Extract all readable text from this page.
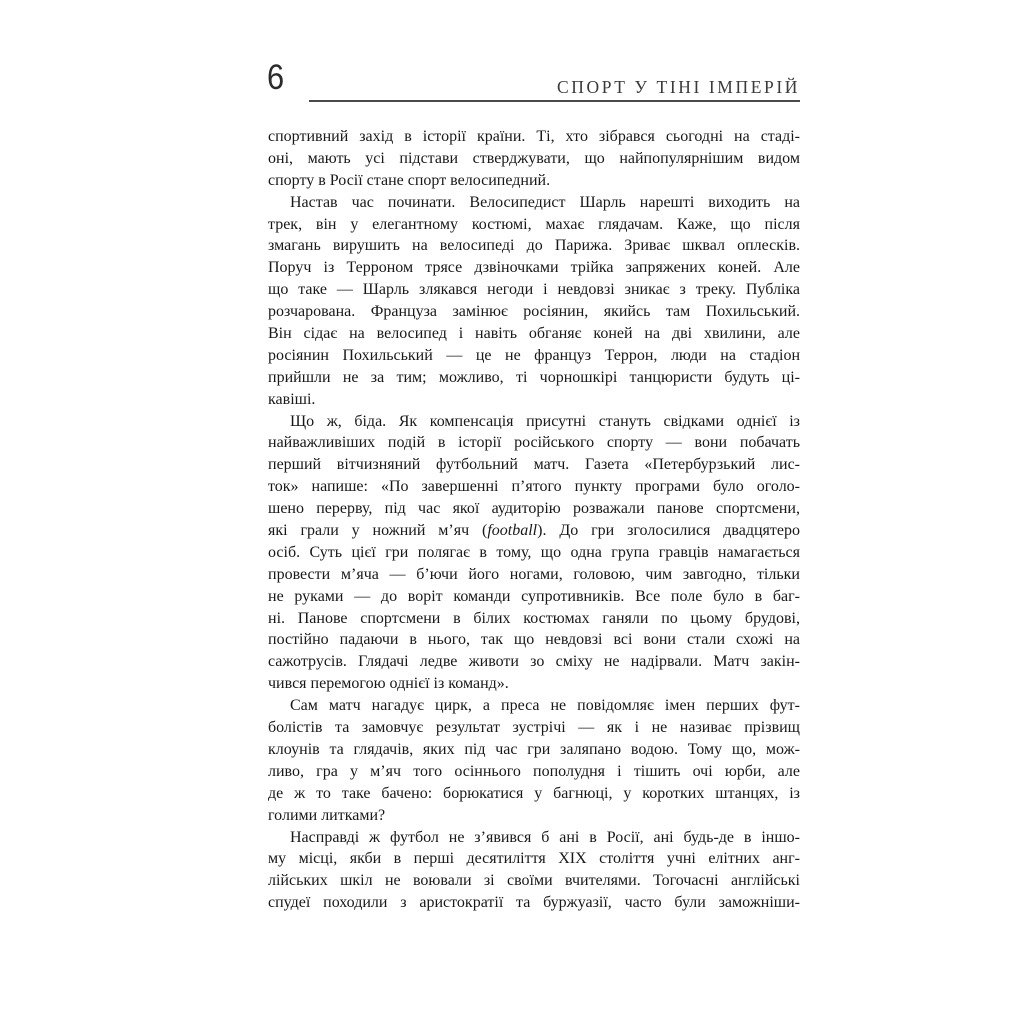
6	СПОРТ У ТІНІ ІМПЕРІЙ
спортивний захід в історії країни. Ті, хто зібрався сьогодні на стаді-
оні, мають усі підстави стверджувати, що найпопулярнішим видом
спорту в Росії стане спорт велосипедний.
Настав час починати. Велосипедист Шарль нарешті виходить на
трек, він у елегантному костюмі, махає глядачам. Каже, що після
змагань вирушить на велосипеді до Парижа. Зриває шквал оплесків.
Поруч із Терроном трясе дзвіночками трійка запряжених коней. Але
що таке — Шарль злякався негоди і невдовзі зникає з треку. Публіка
розчарована. Француза замінює росіянин, якийсь там Похильський.
Він сідає на велосипед і навіть обганяє коней на дві хвилини, але
росіянин Похильський — це не француз Террон, люди на стадіон
прийшли не за тим; можливо, ті чорношкірі танцюристи будуть ці-
кавіші.
Що ж, біда. Як компенсація присутні стануть свідками однієї із
найважливіших подій в історії російського спорту — вони побачать
перший вітчизняний футбольний матч. Газета «Петербурзький лис-
ток» напише: «По завершенні п’ятого пункту програми було оголо-
шено перерву, під час якої аудиторію розважали панове спортсмени,
які грали у ножний м’яч (football). До гри зголосилися двадцятеро
осіб. Суть цієї гри полягає в тому, що одна група гравців намагається
провести м’яча — б’ючи його ногами, головою, чим завгодно, тільки
не руками — до воріт команди супротивників. Все поле було в баг-
ні. Панове спортсмени в білих костюмах ганяли по цьому брудові,
постійно падаючи в нього, так що невдовзі всі вони стали схожі на
сажотрусів. Глядачі ледве животи зо сміху не надірвали. Матч закін-
чився перемогою однієї із команд».
Сам матч нагадує цирк, а преса не повідомляє імен перших фут-
болістів та замовчує результат зустрічі — як і не називає прізвищ
клоунів та глядачів, яких під час гри заляпано водою. Тому що, мож-
ливо, гра у м’яч того осіннього пополудня і тішить очі юрби, але
де ж то таке бачено: борюкатися у багнюці, у коротких штанцях, із
голими литками?
Насправді ж футбол не з’явився б ані в Росії, ані будь-де в іншо-
му місці, якби в перші десятиліття XIX століття учні елітних анг-
лійських шкіл не воювали зі своїми вчителями. Тогочасні англійські
спудеї походили з аристократії та буржуазії, часто були заможніши-
